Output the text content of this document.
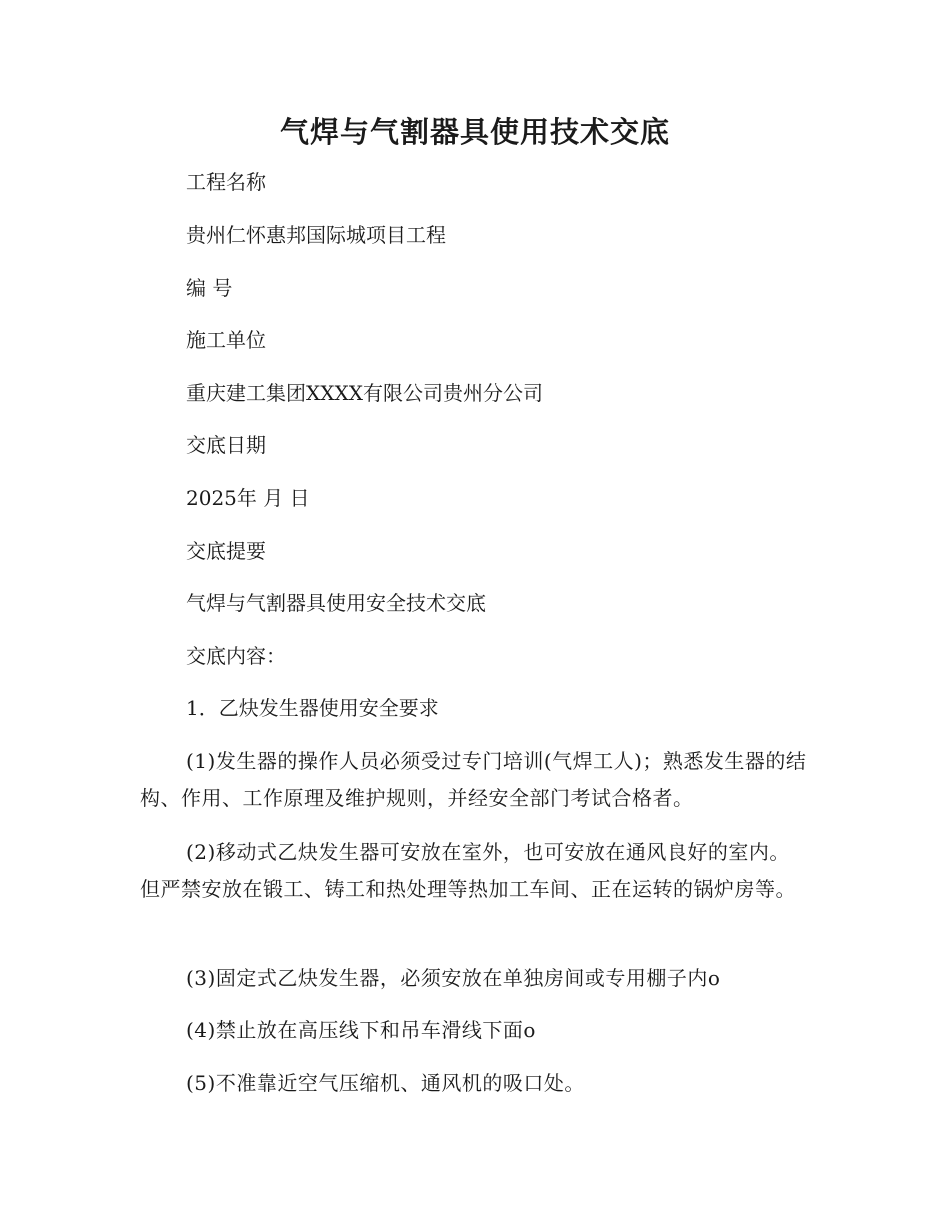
气焊与气割器具使用技术交底
工程名称
贵州仁怀惠邦国际城项目工程
编 号
施工单位
重庆建工集团XXXX有限公司贵州分公司
交底日期
2025年 月 日
交底提要
气焊与气割器具使用安全技术交底
交底内容：
1．乙炔发生器使用安全要求
(1)发生器的操作人员必须受过专门培训(气焊工人)；熟悉发生器的结构、作用、工作原理及维护规则，并经安全部门考试合格者。
(2)移动式乙炔发生器可安放在室外，也可安放在通风良好的室内。但严禁安放在锻工、铸工和热处理等热加工车间、正在运转的锅炉房等。
(3)固定式乙炔发生器，必须安放在单独房间或专用棚子内o
(4)禁止放在高压线下和吊车滑线下面o
(5)不准靠近空气压缩机、通风机的吸口处。
